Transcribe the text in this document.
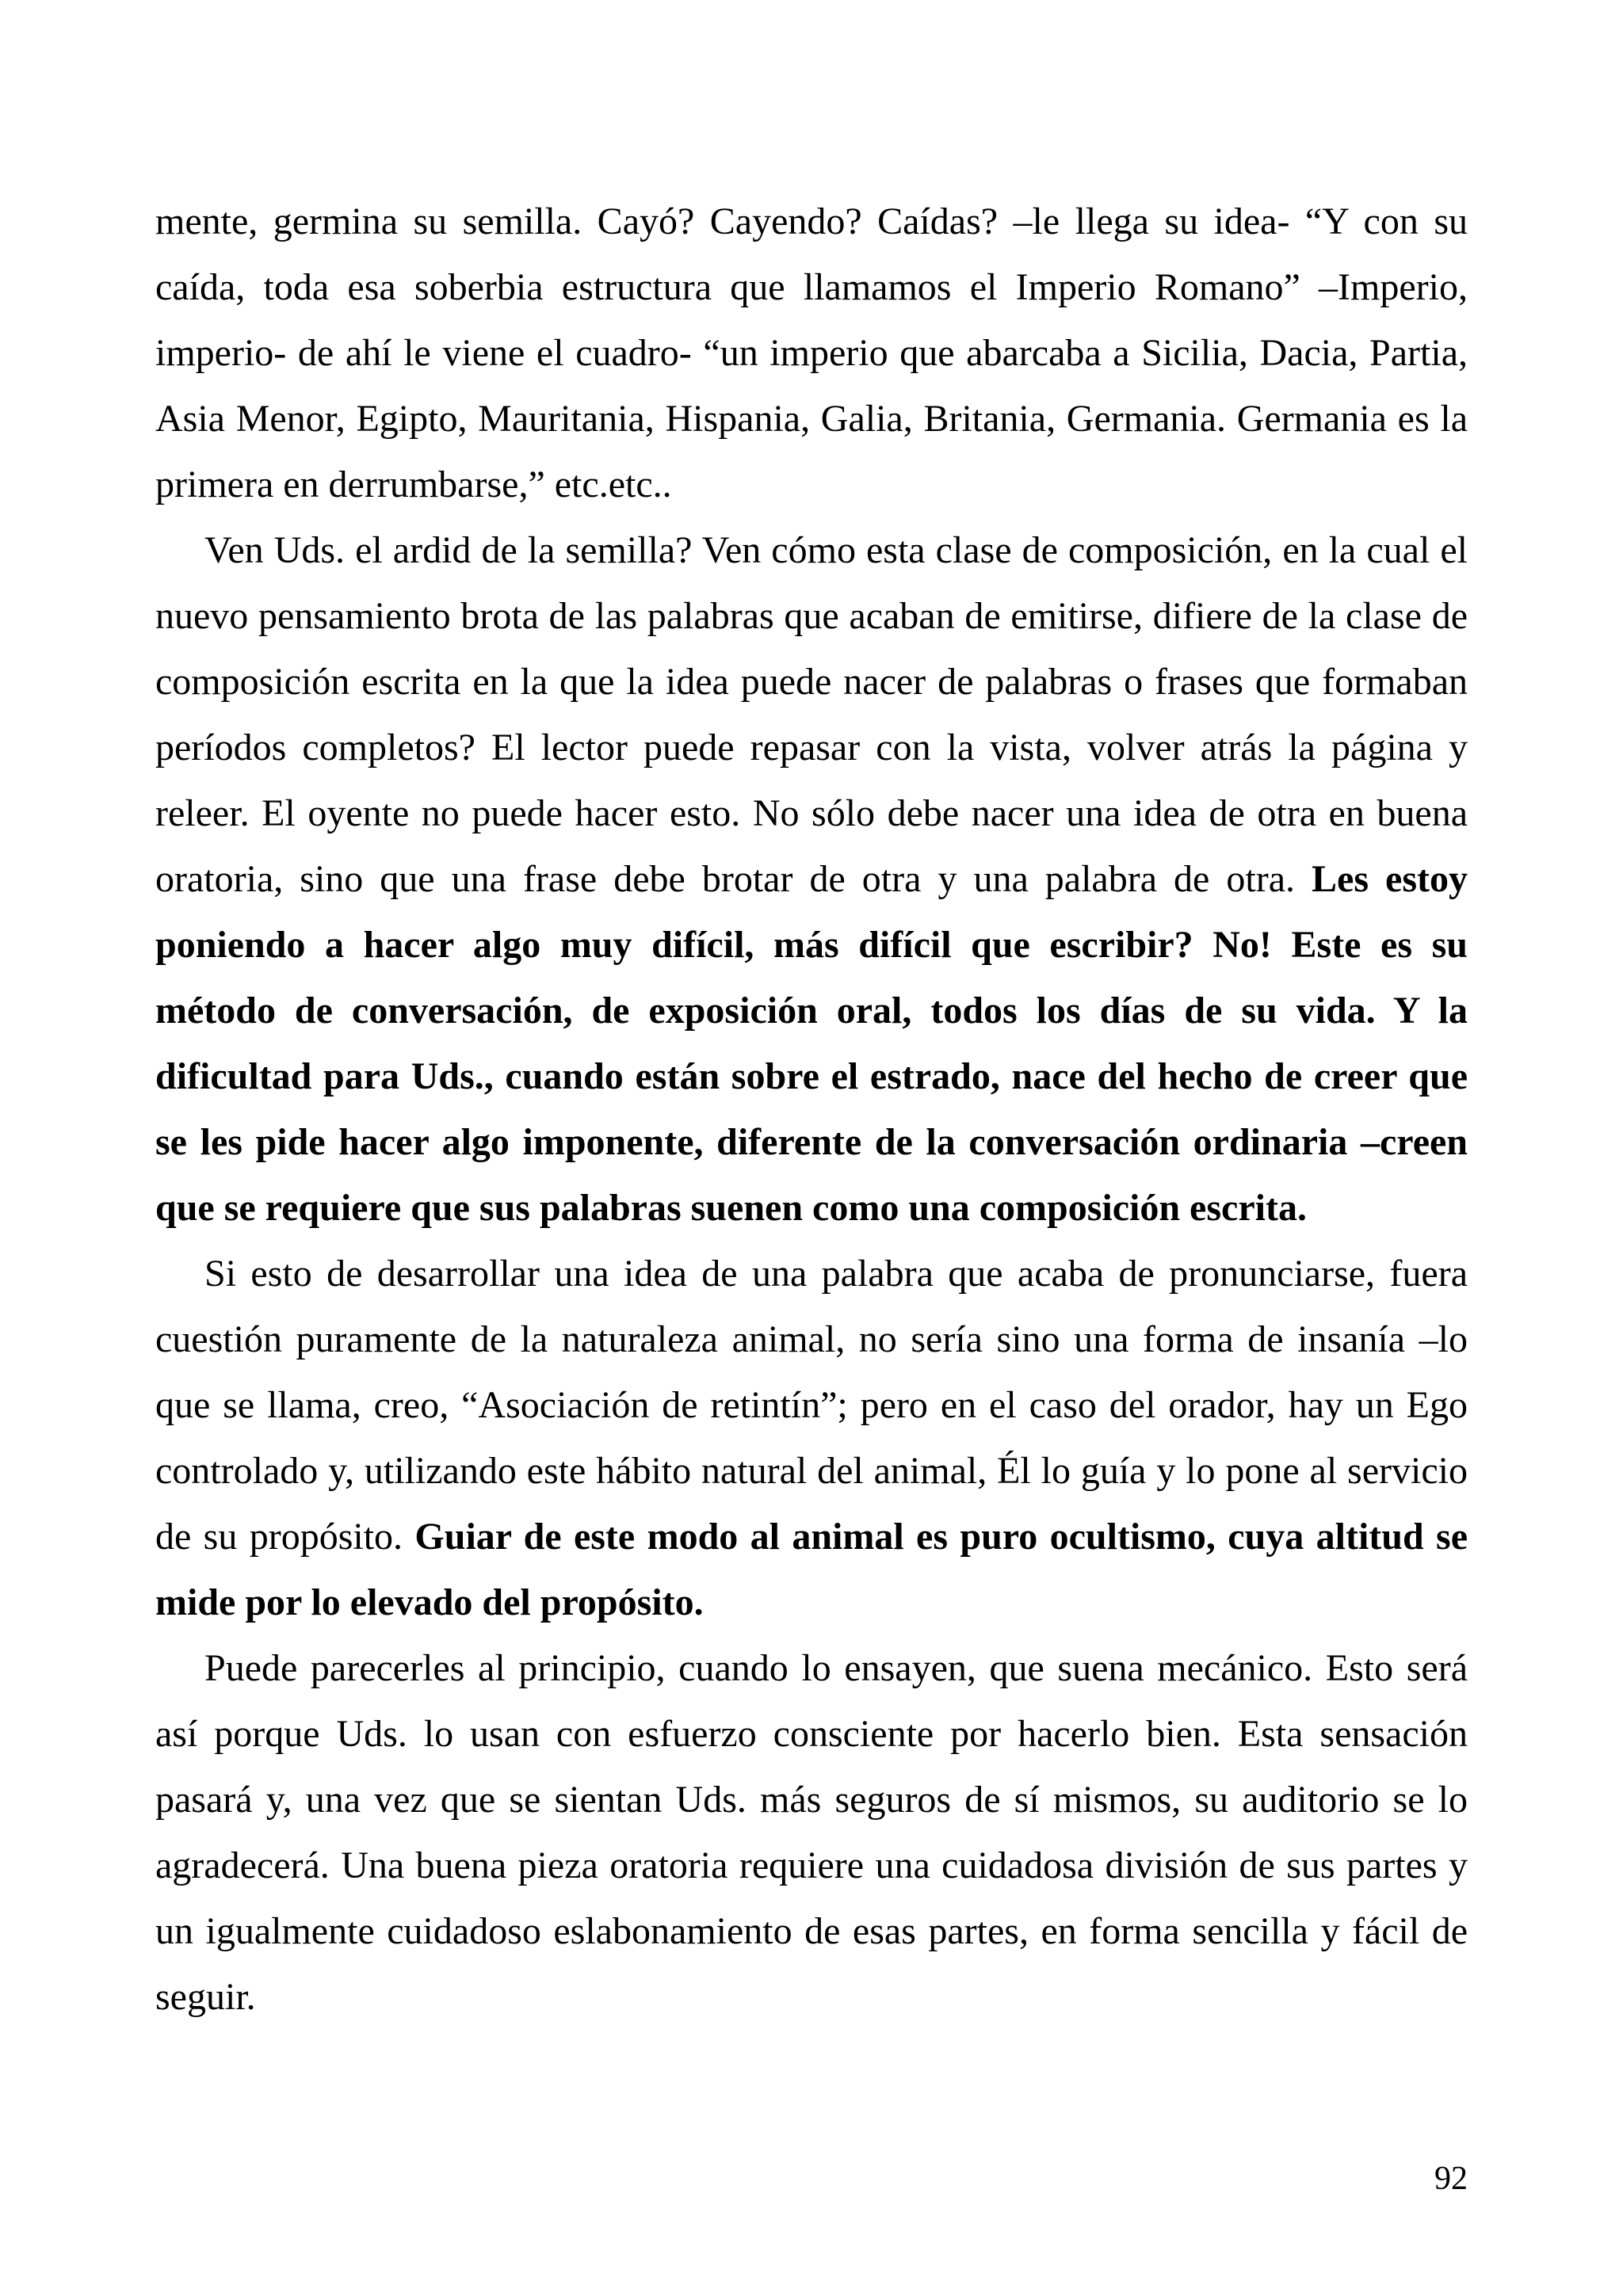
mente, germina su semilla. Cayó? Cayendo? Caídas? –le llega su idea- “Y con su caída, toda esa soberbia estructura que llamamos el Imperio Romano” –Imperio, imperio- de ahí le viene el cuadro- “un imperio que abarcaba a Sicilia, Dacia, Partia, Asia Menor, Egipto, Mauritania, Hispania, Galia, Britania, Germania. Germania es la primera en derrumbarse,” etc.etc..

Ven Uds. el ardid de la semilla? Ven cómo esta clase de composición, en la cual el nuevo pensamiento brota de las palabras que acaban de emitirse, difiere de la clase de composición escrita en la que la idea puede nacer de palabras o frases que formaban períodos completos? El lector puede repasar con la vista, volver atrás la página y releer. El oyente no puede hacer esto. No sólo debe nacer una idea de otra en buena oratoria, sino que una frase debe brotar de otra y una palabra de otra. Les estoy poniendo a hacer algo muy difícil, más difícil que escribir? No! Este es su método de conversación, de exposición oral, todos los días de su vida. Y la dificultad para Uds., cuando están sobre el estrado, nace del hecho de creer que se les pide hacer algo imponente, diferente de la conversación ordinaria –creen que se requiere que sus palabras suenen como una composición escrita.

Si esto de desarrollar una idea de una palabra que acaba de pronunciarse, fuera cuestión puramente de la naturaleza animal, no sería sino una forma de insanía –lo que se llama, creo, “Asociación de retintín”; pero en el caso del orador, hay un Ego controlado y, utilizando este hábito natural del animal, Él lo guía y lo pone al servicio de su propósito. Guiar de este modo al animal es puro ocultismo, cuya altitud se mide por lo elevado del propósito.

Puede parecerles al principio, cuando lo ensayen, que suena mecánico. Esto será así porque Uds. lo usan con esfuerzo consciente por hacerlo bien. Esta sensación pasará y, una vez que se sientan Uds. más seguros de sí mismos, su auditorio se lo agradecerá. Una buena pieza oratoria requiere una cuidadosa división de sus partes y un igualmente cuidadoso eslabonamiento de esas partes, en forma sencilla y fácil de seguir.

92
